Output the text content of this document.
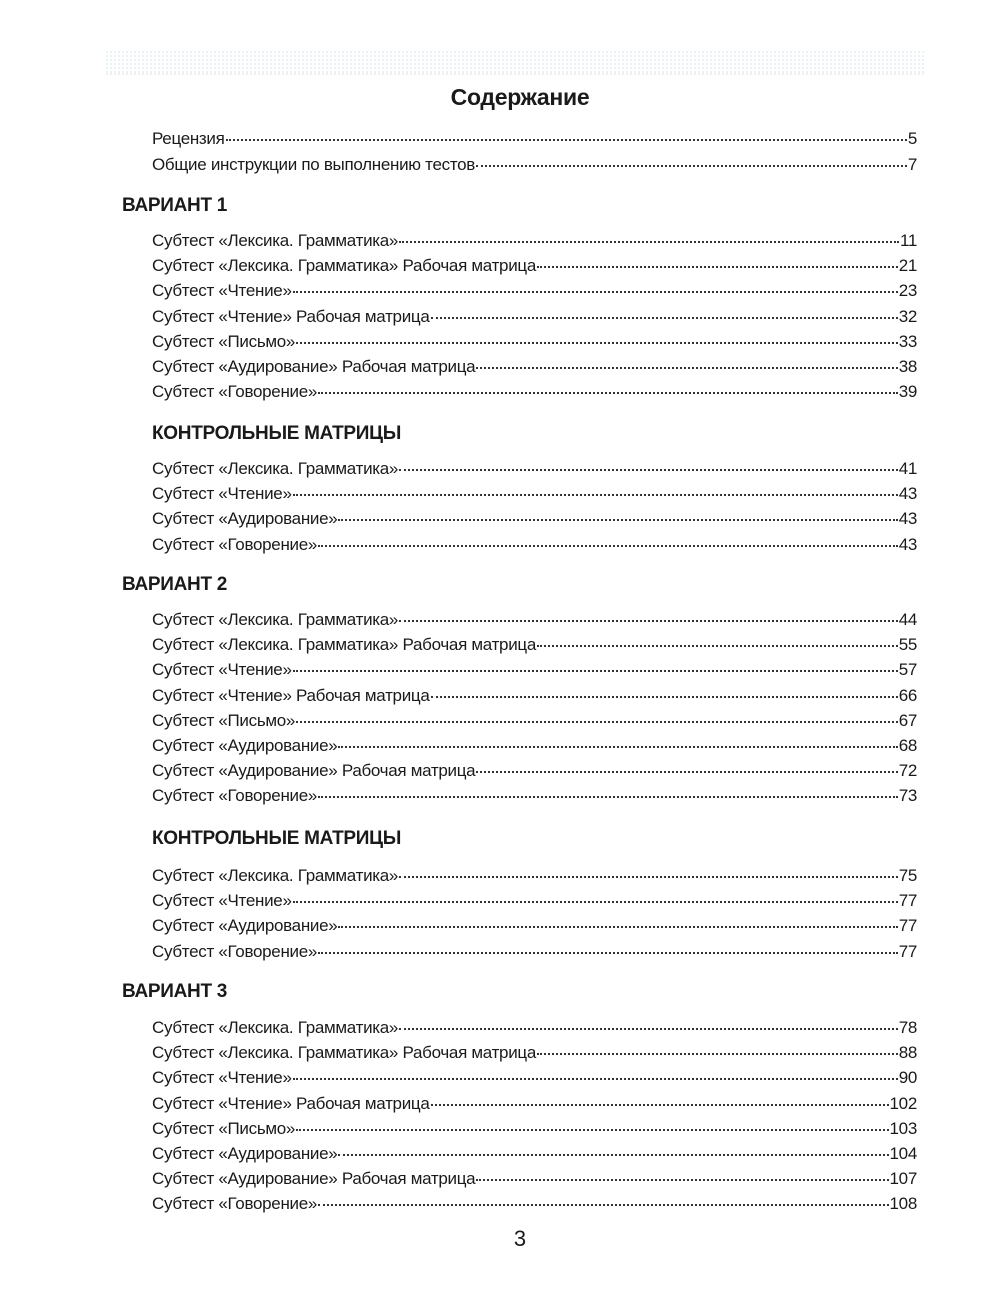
Содержание
Рецензия	5
Общие инструкции по выполнению тестов	7
ВАРИАНТ 1
Субтест «Лексика. Грамматика»	11
Субтест «Лексика. Грамматика» Рабочая матрица	21
Субтест «Чтение»	23
Субтест «Чтение» Рабочая матрица	32
Субтест «Письмо»	33
Субтест «Аудирование» Рабочая матрица	38
Субтест «Говорение»	39
КОНТРОЛЬНЫЕ МАТРИЦЫ
Субтест «Лексика. Грамматика»	41
Субтест «Чтение»	43
Субтест «Аудирование»	43
Субтест «Говорение»	43
ВАРИАНТ 2
Субтест «Лексика. Грамматика»	44
Субтест «Лексика. Грамматика» Рабочая матрица	55
Субтест «Чтение»	57
Субтест «Чтение» Рабочая матрица	66
Субтест «Письмо»	67
Субтест «Аудирование»	68
Субтест «Аудирование» Рабочая матрица	72
Субтест «Говорение»	73
КОНТРОЛЬНЫЕ МАТРИЦЫ
Субтест «Лексика. Грамматика»	75
Субтест «Чтение»	77
Субтест «Аудирование»	77
Субтест «Говорение»	77
ВАРИАНТ 3
Субтест «Лексика. Грамматика»	78
Субтест «Лексика. Грамматика» Рабочая матрица	88
Субтест «Чтение»	90
Субтест «Чтение» Рабочая матрица	102
Субтест «Письмо»	103
Субтест «Аудирование»	104
Субтест «Аудирование» Рабочая матрица	107
Субтест «Говорение»	108
3
